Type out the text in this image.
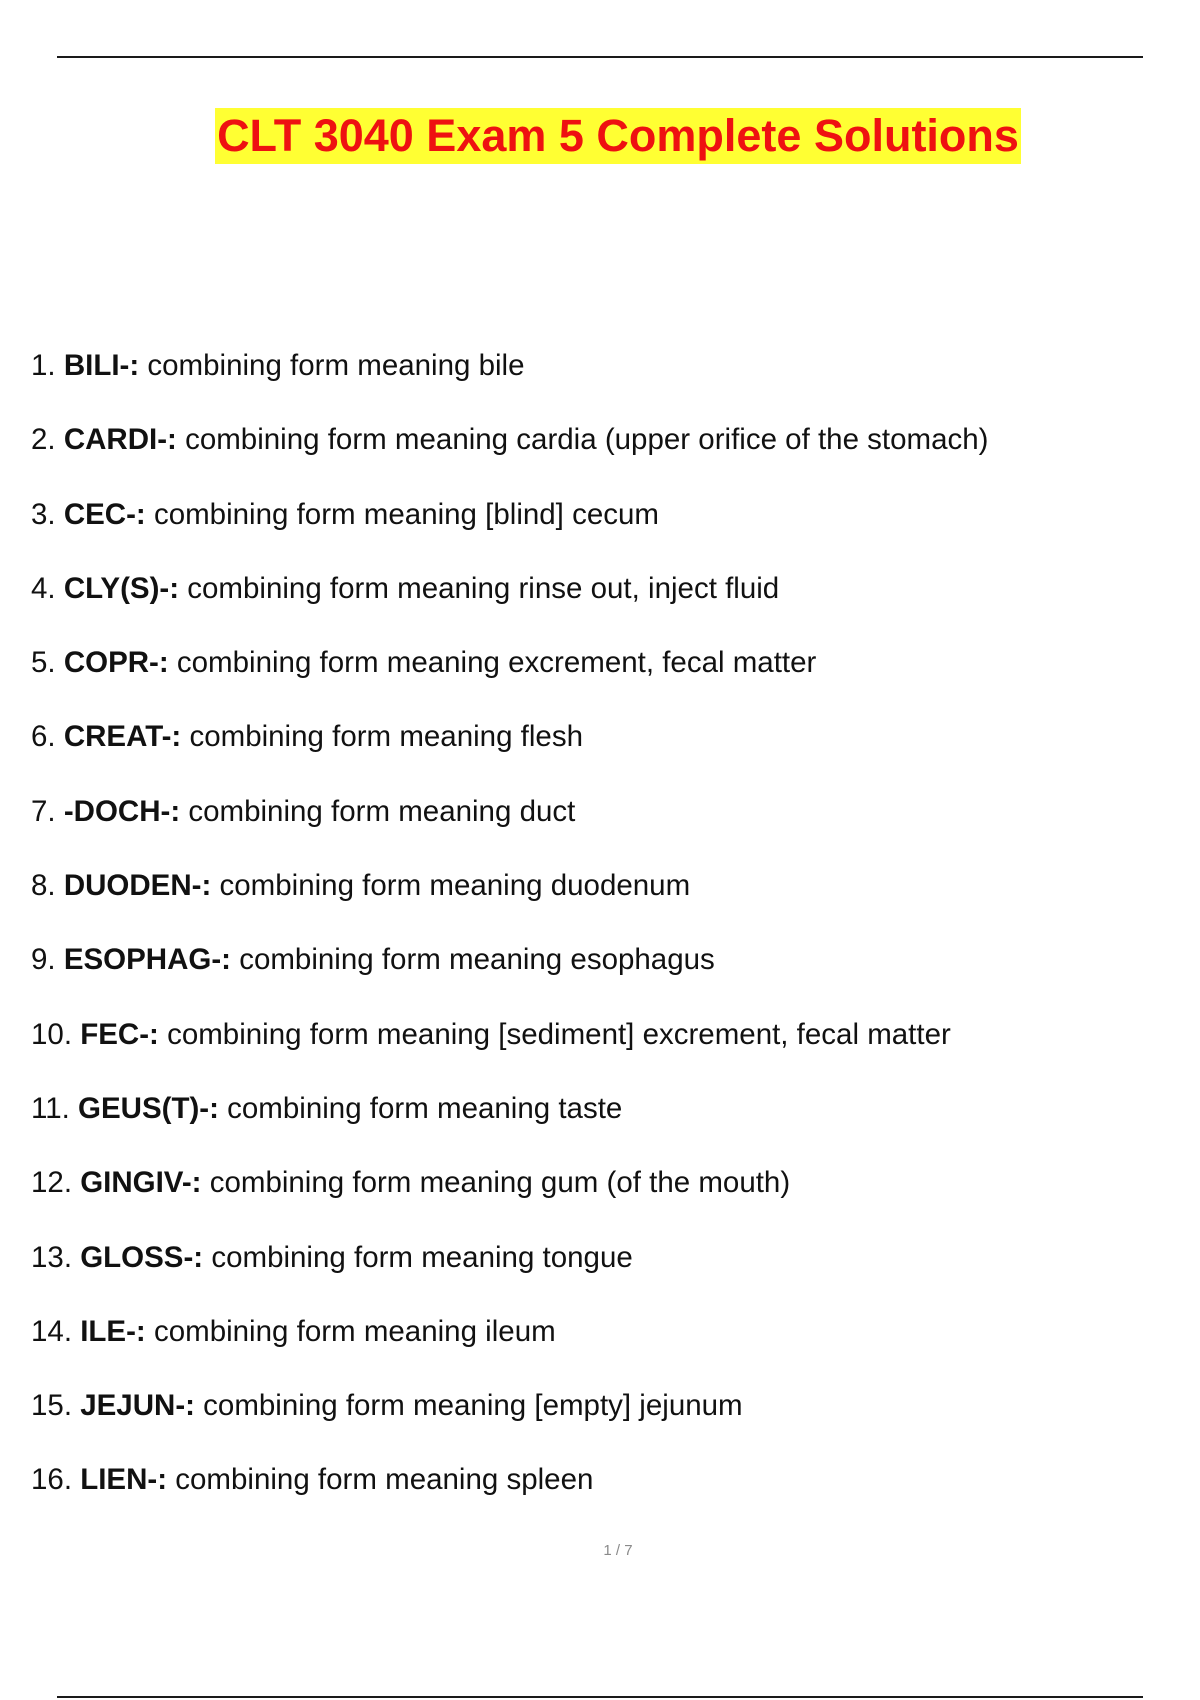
CLT 3040 Exam 5 Complete Solutions
1. BILI-: combining form meaning bile
2. CARDI-: combining form meaning cardia (upper orifice of the stomach)
3. CEC-: combining form meaning [blind] cecum
4. CLY(S)-: combining form meaning rinse out, inject fluid
5. COPR-: combining form meaning excrement, fecal matter
6. CREAT-: combining form meaning flesh
7. -DOCH-: combining form meaning duct
8. DUODEN-: combining form meaning duodenum
9. ESOPHAG-: combining form meaning esophagus
10. FEC-: combining form meaning [sediment] excrement, fecal matter
11. GEUS(T)-: combining form meaning taste
12. GINGIV-: combining form meaning gum (of the mouth)
13. GLOSS-: combining form meaning tongue
14. ILE-: combining form meaning ileum
15. JEJUN-: combining form meaning [empty] jejunum
16. LIEN-: combining form meaning spleen
1 / 7
